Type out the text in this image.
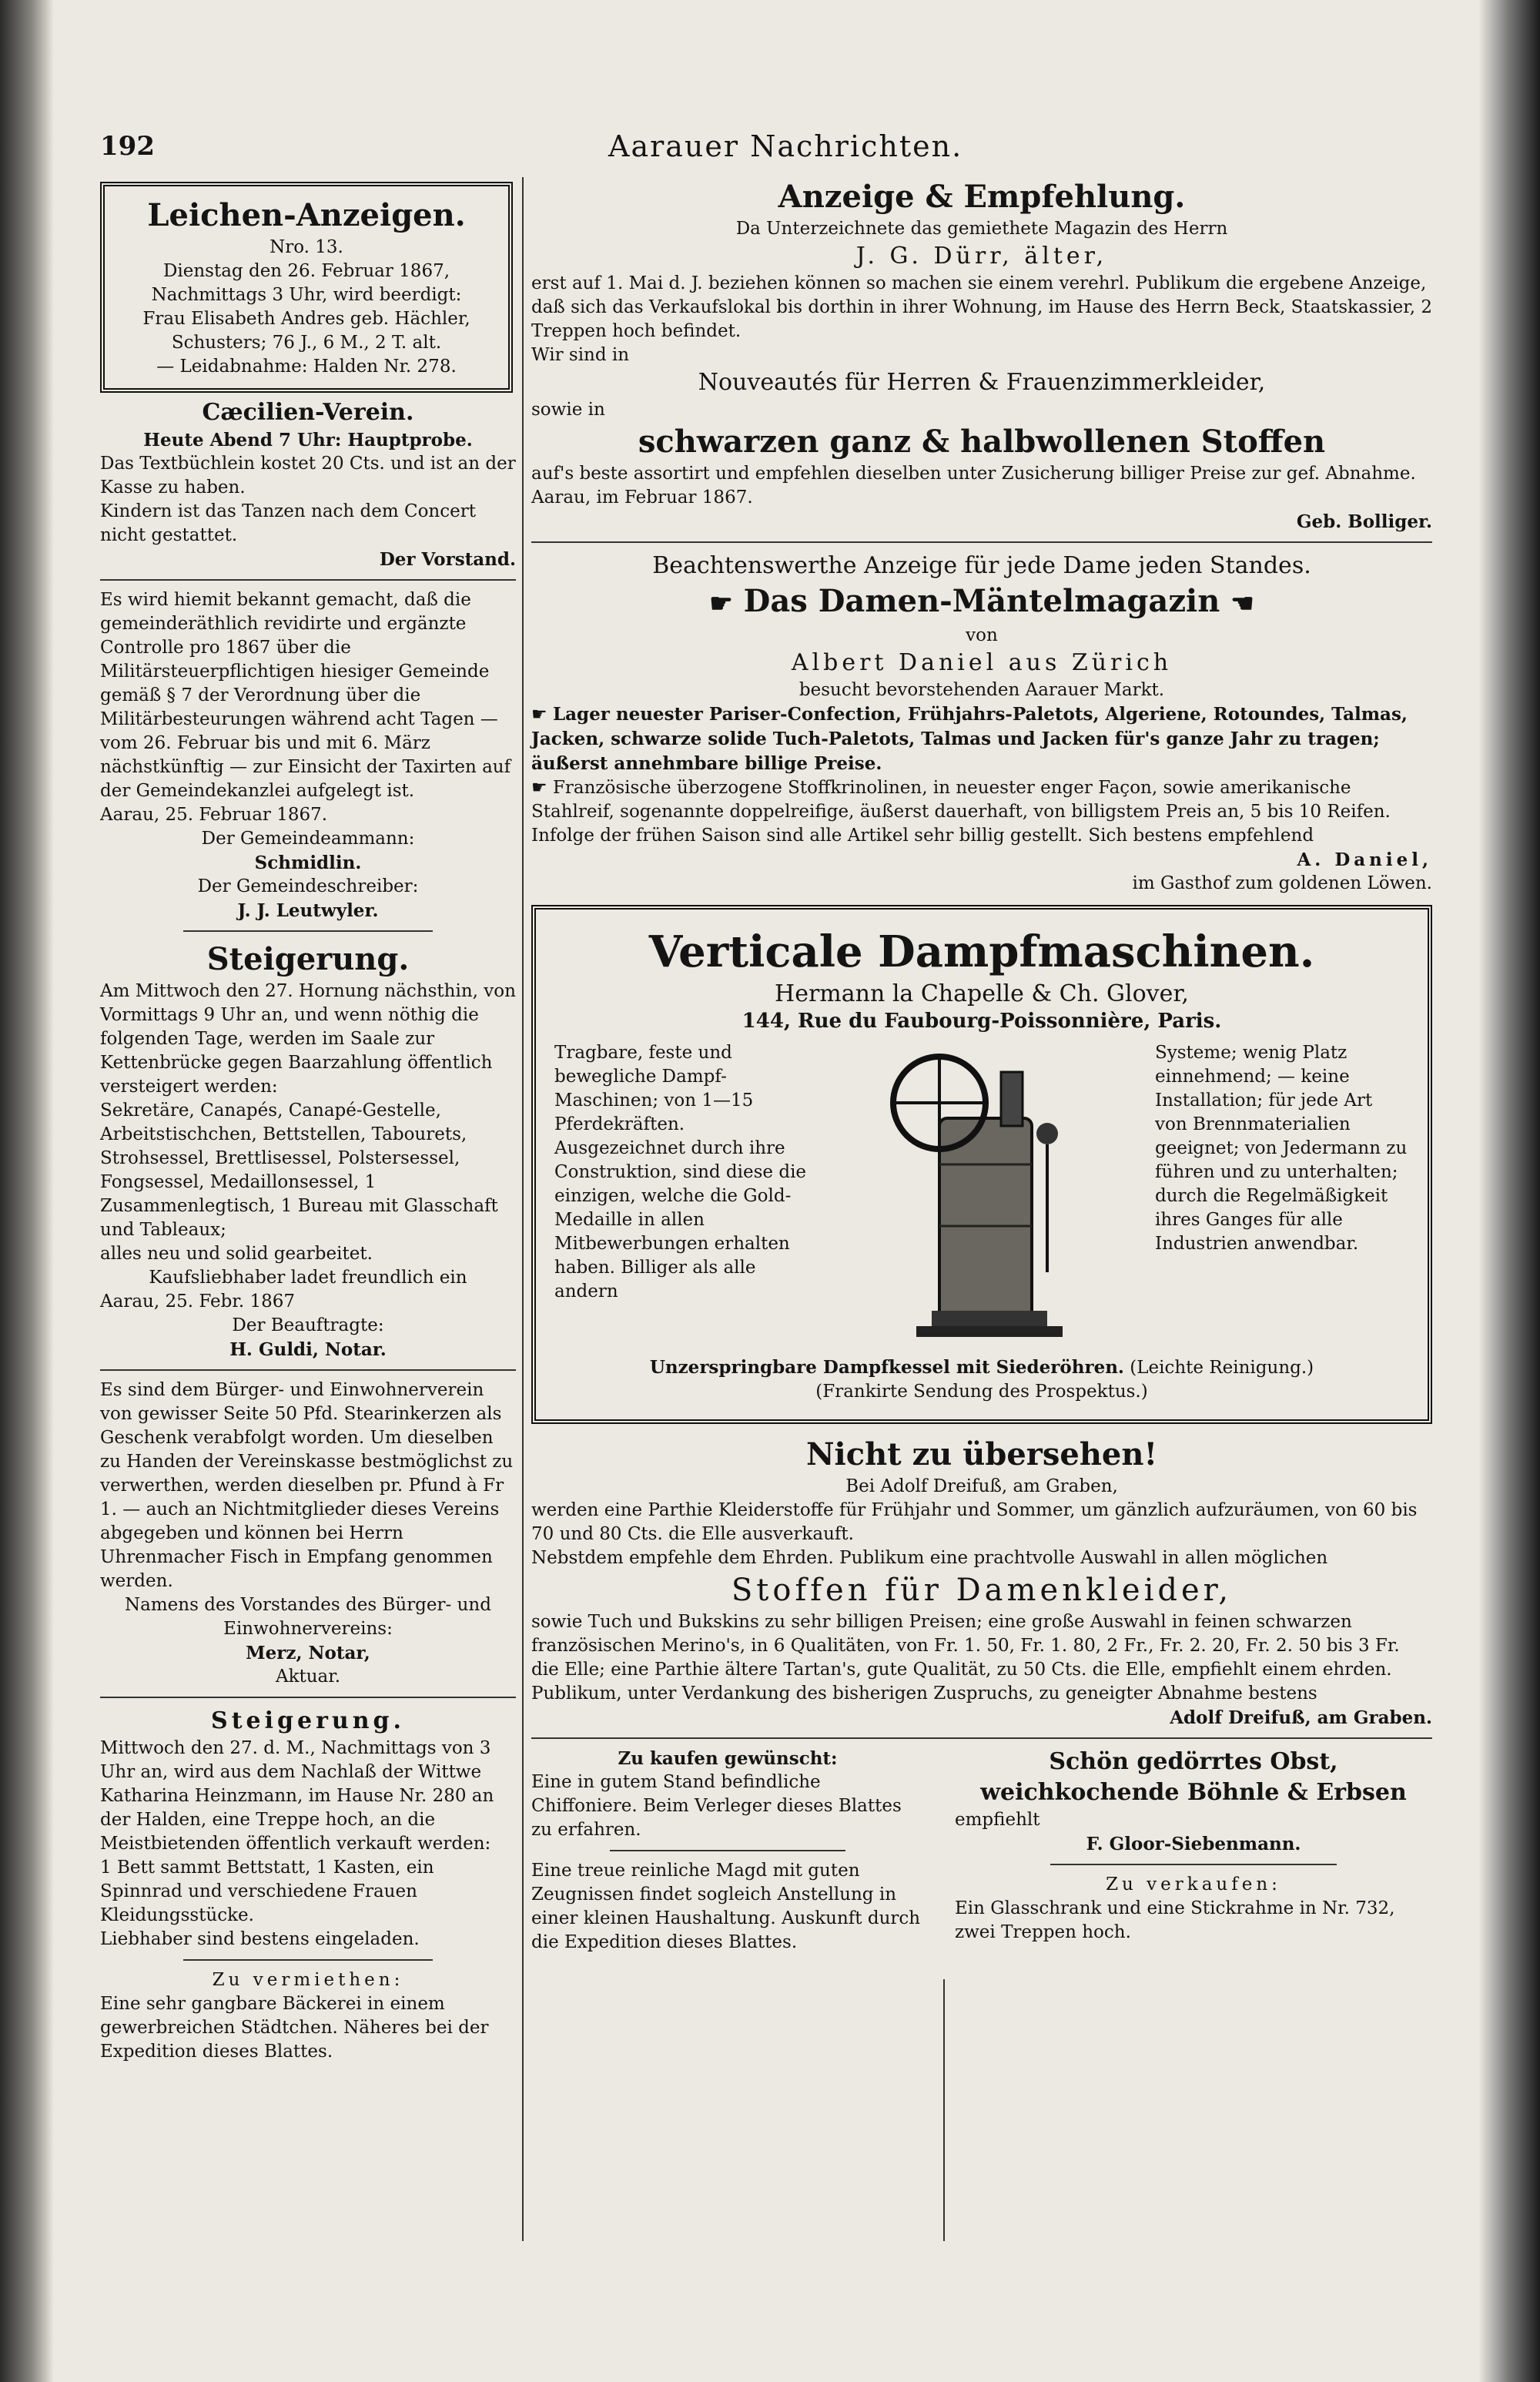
192	Aarauer Nachrichten.

Leichen-Anzeigen.

Nro. 13.

Dienstag den 26. Februar 1867,

Nachmittags 3 Uhr, wird beerdigt:

Frau Elisabeth Andres geb. Hächler,

Schusters; 76 J., 6 M., 2 T. alt.

— Leidabnahme: Halden Nr. 278.

Cæcilien-Verein.

Heute Abend 7 Uhr: Hauptprobe.

Das Textbüchlein kostet 20 Cts. und ist an der Kasse zu haben.

Kindern ist das Tanzen nach dem Concert nicht gestattet.

Der Vorstand.

Es wird hiemit bekannt gemacht, daß die gemeinderäthlich revidirte und ergänzte Controlle pro 1867 über die Militärsteuerpflichtigen hiesiger Gemeinde gemäß § 7 der Verordnung über die Militärbesteurungen während acht Tagen — vom 26. Februar bis und mit 6. März nächstkünftig — zur Einsicht der Taxirten auf der Gemeindekanzlei aufgelegt ist.

Aarau, 25. Februar 1867.

Der Gemeindeammann:

Schmidlin.

Der Gemeindeschreiber:

J. J. Leutwyler.

Steigerung.

Am Mittwoch den 27. Hornung nächsthin, von Vormittags 9 Uhr an, und wenn nöthig die folgenden Tage, werden im Saale zur Kettenbrücke gegen Baarzahlung öffentlich versteigert werden:

Sekretäre, Canapés, Canapé-Gestelle, Arbeitstischchen, Bettstellen, Tabourets, Strohsessel, Brettlisessel, Polstersessel, Fongsessel, Medaillonsessel, 1 Zusammenlegtisch, 1 Bureau mit Glasschaft und Tableaux;

alles neu und solid gearbeitet.

Kaufsliebhaber ladet freundlich ein

Aarau, 25. Febr. 1867

Der Beauftragte:

H. Guldi, Notar.

Es sind dem Bürger- und Einwohnerverein von gewisser Seite 50 Pfd. Stearinkerzen als Geschenk verabfolgt worden. Um dieselben zu Handen der Vereinskasse bestmöglichst zu verwerthen, werden dieselben pr. Pfund à Fr 1. — auch an Nichtmitglieder dieses Vereins abgegeben und können bei Herrn Uhrenmacher Fisch in Empfang genommen werden.

Namens des Vorstandes des Bürger- und Einwohnervereins:

Merz, Notar,

Aktuar.

Steigerung.

Mittwoch den 27. d. M., Nachmittags von 3 Uhr an, wird aus dem Nachlaß der Wittwe Katharina Heinzmann, im Hause Nr. 280 an der Halden, eine Treppe hoch, an die Meistbietenden öffentlich verkauft werden:

1 Bett sammt Bettstatt, 1 Kasten, ein Spinnrad und verschiedene Frauen Kleidungsstücke.

Liebhaber sind bestens eingeladen.

Zu vermiethen:

Eine sehr gangbare Bäckerei in einem gewerbreichen Städtchen. Näheres bei der Expedition dieses Blattes.

Anzeige & Empfehlung.

Da Unterzeichnete das gemiethete Magazin des Herrn

J. G. Dürr, älter,

erst auf 1. Mai d. J. beziehen können so machen sie einem verehrl. Publikum die ergebene Anzeige, daß sich das Verkaufslokal bis dorthin in ihrer Wohnung, im Hause des Herrn Beck, Staatskassier, 2 Treppen hoch befindet.

Wir sind in

Nouveautés für Herren & Frauenzimmerkleider,

sowie in

schwarzen ganz & halbwollenen Stoffen

auf's beste assortirt und empfehlen dieselben unter Zusicherung billiger Preise zur gef. Abnahme.

Aarau, im Februar 1867.

Geb. Bolliger.

Beachtenswerthe Anzeige für jede Dame jeden Standes.

☛ Das Damen-Mäntelmagazin ☚

von

Albert Daniel aus Zürich

besucht bevorstehenden Aarauer Markt.

☛ Lager neuester Pariser-Confection, Frühjahrs-Paletots, Algeriene, Rotoundes, Talmas, Jacken, schwarze solide Tuch-Paletots, Talmas und Jacken für's ganze Jahr zu tragen; äußerst annehmbare billige Preise.

☛ Französische überzogene Stoffkrinolinen, in neuester enger Façon, sowie amerikanische Stahlreif, sogenannte doppelreifige, äußerst dauerhaft, von billigstem Preis an, 5 bis 10 Reifen.

Infolge der frühen Saison sind alle Artikel sehr billig gestellt. Sich bestens empfehlend

A. Daniel,

im Gasthof zum goldenen Löwen.

Verticale Dampfmaschinen.

Hermann la Chapelle & Ch. Glover,

144, Rue du Faubourg-Poissonnière, Paris.

Tragbare, feste und bewegliche Dampf-Maschinen; von 1—15 Pferdekräften. Ausgezeichnet durch ihre Construktion, sind diese die einzigen, welche die Gold-Medaille in allen Mitbewerbungen erhalten haben. Billiger als alle andern

Systeme; wenig Platz einnehmend; — keine Installation; für jede Art von Brennmaterialien geeignet; von Jedermann zu führen und zu unterhalten; durch die Regelmäßigkeit ihres Ganges für alle Industrien anwendbar.

Unzerspringbare Dampfkessel mit Siederöhren. (Leichte Reinigung.)

(Frankirte Sendung des Prospektus.)

Nicht zu übersehen!

Bei Adolf Dreifuß, am Graben,

werden eine Parthie Kleiderstoffe für Frühjahr und Sommer, um gänzlich aufzuräumen, von 60 bis 70 und 80 Cts. die Elle ausverkauft.

Nebstdem empfehle dem Ehrden. Publikum eine prachtvolle Auswahl in allen möglichen

Stoffen für Damenkleider,

sowie Tuch und Bukskins zu sehr billigen Preisen; eine große Auswahl in feinen schwarzen französischen Merino's, in 6 Qualitäten, von Fr. 1. 50, Fr. 1. 80, 2 Fr., Fr. 2. 20, Fr. 2. 50 bis 3 Fr. die Elle; eine Parthie ältere Tartan's, gute Qualität, zu 50 Cts. die Elle, empfiehlt einem ehrden. Publikum, unter Verdankung des bisherigen Zuspruchs, zu geneigter Abnahme bestens

Adolf Dreifuß, am Graben.

Zu kaufen gewünscht:

Eine in gutem Stand befindliche Chiffoniere. Beim Verleger dieses Blattes zu erfahren.

Eine treue reinliche Magd mit guten Zeugnissen findet sogleich Anstellung in einer kleinen Haushaltung. Auskunft durch die Expedition dieses Blattes.

Schön gedörrtes Obst, weichkochende Böhnle & Erbsen

empfiehlt

F. Gloor-Siebenmann.

Zu verkaufen:

Ein Glasschrank und eine Stickrahme in Nr. 732, zwei Treppen hoch.
